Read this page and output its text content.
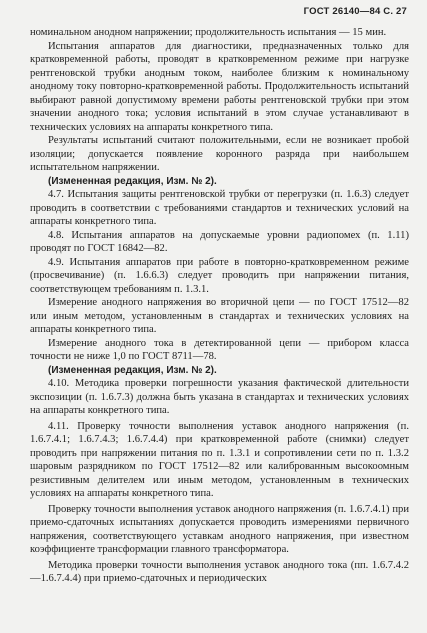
ГОСТ 26140—84 С. 27

номинальном анодном напряжении; продолжительность испытания — 15 мин.

Испытания аппаратов для диагностики, предназначенных только для кратковременной работы, проводят в кратковременном режиме при нагрузке рентгеновской трубки анодным током, наиболее близким к номинальному анодному току повторно-кратковременной работы. Продолжительность испытаний выбирают равной допустимому времени работы рентгеновской трубки при этом значении анодного тока; условия испытаний в этом случае устанавливают в технических условиях на аппараты конкретного типа.

Результаты испытаний считают положительными, если не возникает пробой изоляции; допускается появление коронного разряда при наибольшем испытательном напряжении.

(Измененная редакция, Изм. № 2).

4.7. Испытания защиты рентгеновской трубки от перегрузки (п. 1.6.3) следует проводить в соответствии с требованиями стандартов и технических условий на аппараты конкретного типа.

4.8. Испытания аппаратов на допускаемые уровни радиопомех (п. 1.11) проводят по ГОСТ 16842—82.

4.9. Испытания аппаратов при работе в повторно-кратковременном режиме (просвечивание) (п. 1.6.6.3) следует проводить при напряжении питания, соответствующем требованиям п. 1.3.1.

Измерение анодного напряжения во вторичной цепи — по ГОСТ 17512—82 или иным методом, установленным в стандартах и технических условиях на аппараты конкретного типа.

Измерение анодного тока в детектированной цепи — прибором класса точности не ниже 1,0 по ГОСТ 8711—78.

(Измененная редакция, Изм. № 2).

4.10. Методика проверки погрешности указания фактической длительности экспозиции (п. 1.6.7.3) должна быть указана в стандартах и технических условиях на аппараты конкретного типа.

4.11. Проверку точности выполнения уставок анодного напряжения (п. 1.6.7.4.1; 1.6.7.4.3; 1.6.7.4.4) при кратковременной работе (снимки) следует проводить при напряжении питания по п. 1.3.1 и сопротивлении сети по п. 1.3.2 шаровым разрядником по ГОСТ 17512—82 или калиброванным высокоомным резистивным делителем или иным методом, установленным в технических условиях на аппараты конкретного типа.

Проверку точности выполнения уставок анодного напряжения (п. 1.6.7.4.1) при приемо-сдаточных испытаниях допускается проводить измерениями первичного напряжения, соответствующего уставкам анодного напряжения, при известном коэффициенте трансформации главного трансформатора.

Методика проверки точности выполнения уставок анодного тока (пп. 1.6.7.4.2—1.6.7.4.4) при приемо-сдаточных и периодических
